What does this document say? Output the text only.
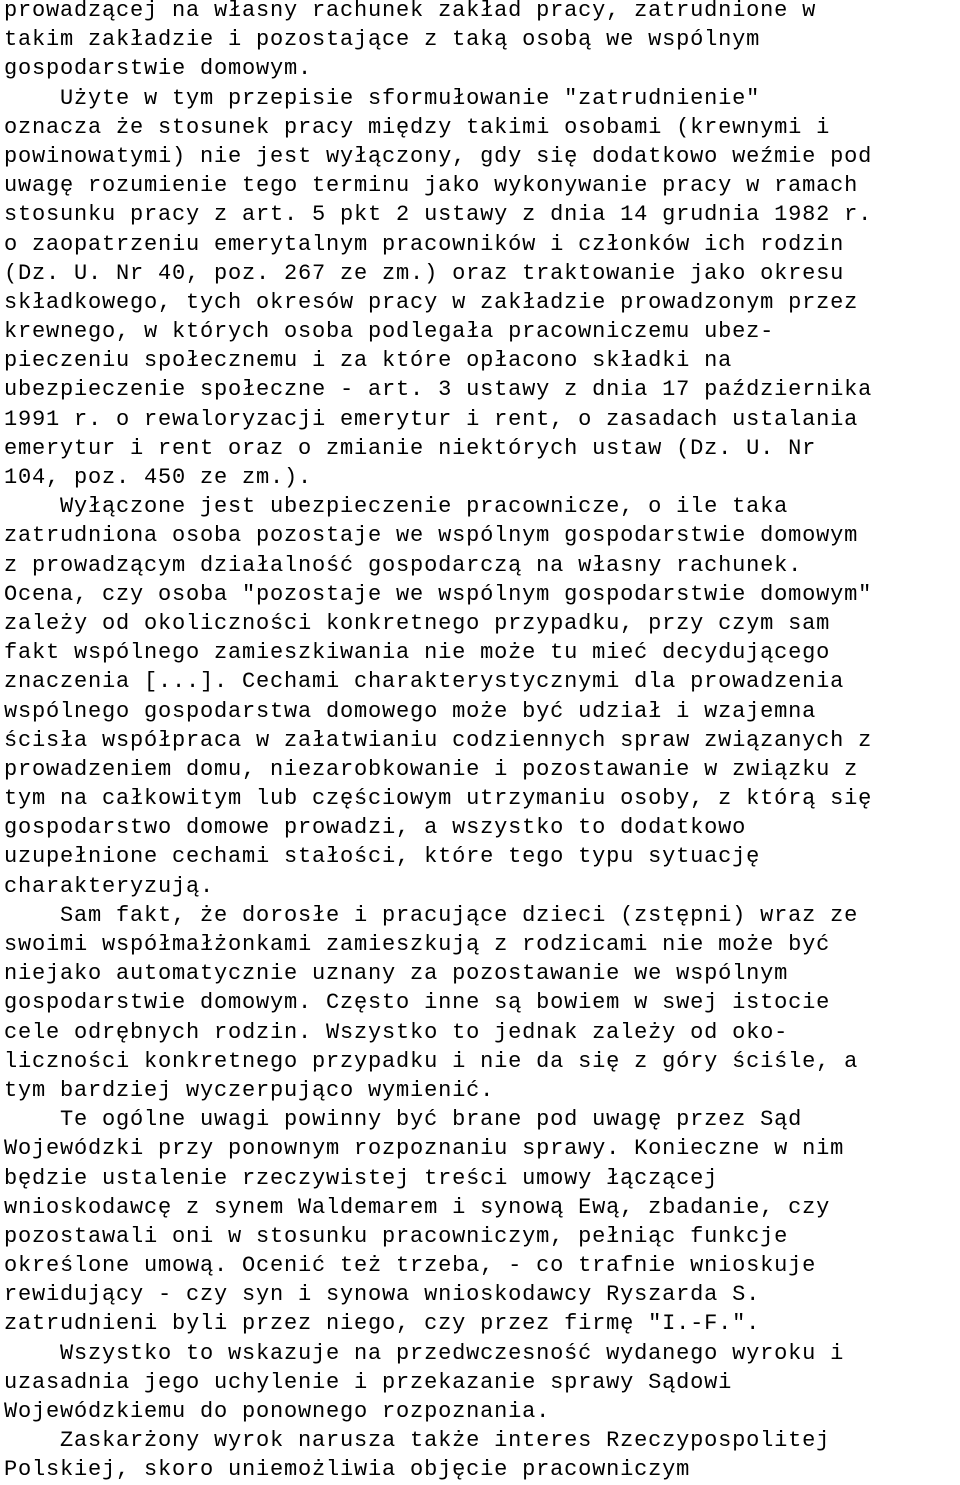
prowadzącej na własny rachunek zakład pracy, zatrudnione w

takim zakładzie i pozostające z taką osobą we wspólnym

gospodarstwie domowym.

Użyte w tym przepisie sformułowanie "zatrudnienie"

oznacza że stosunek pracy między takimi osobami (krewnymi i

powinowatymi) nie jest wyłączony, gdy się dodatkowo weźmie pod

uwagę rozumienie tego terminu jako wykonywanie pracy w ramach

stosunku pracy z art. 5 pkt 2 ustawy z dnia 14 grudnia 1982 r.

o zaopatrzeniu emerytalnym pracowników i członków ich rodzin

(Dz. U. Nr 40, poz. 267 ze zm.) oraz traktowanie jako okresu

składkowego, tych okresów pracy w zakładzie prowadzonym przez

krewnego, w których osoba podlegała pracowniczemu ubez-

pieczeniu społecznemu i za które opłacono składki na

ubezpieczenie społeczne - art. 3 ustawy z dnia 17 października

1991 r. o rewaloryzacji emerytur i rent, o zasadach ustalania

emerytur i rent oraz o zmianie niektórych ustaw (Dz. U. Nr

104, poz. 450 ze zm.).

Wyłączone jest ubezpieczenie pracownicze, o ile taka

zatrudniona osoba pozostaje we wspólnym gospodarstwie domowym

z prowadzącym działalność gospodarczą na własny rachunek.

Ocena, czy osoba "pozostaje we wspólnym gospodarstwie domowym"

zależy od okoliczności konkretnego przypadku, przy czym sam

fakt wspólnego zamieszkiwania nie może tu mieć decydującego

znaczenia [...]. Cechami charakterystycznymi dla prowadzenia

wspólnego gospodarstwa domowego może być udział i wzajemna

ścisła współpraca w załatwianiu codziennych spraw związanych z

prowadzeniem domu, niezarobkowanie i pozostawanie w związku z

tym na całkowitym lub częściowym utrzymaniu osoby, z którą się

gospodarstwo domowe prowadzi, a wszystko to dodatkowo

uzupełnione cechami stałości, które tego typu sytuację

charakteryzują.

Sam fakt, że dorosłe i pracujące dzieci (zstępni) wraz ze

swoimi współmałżonkami zamieszkują z rodzicami nie może być

niejako automatycznie uznany za pozostawanie we wspólnym

gospodarstwie domowym. Często inne są bowiem w swej istocie

cele odrębnych rodzin. Wszystko to jednak zależy od oko-

liczności konkretnego przypadku i nie da się z góry ściśle, a

tym bardziej wyczerpująco wymienić.

Te ogólne uwagi powinny być brane pod uwagę przez Sąd

Wojewódzki przy ponownym rozpoznaniu sprawy. Konieczne w nim

będzie ustalenie rzeczywistej treści umowy łączącej

wnioskodawcę z synem Waldemarem i synową Ewą, zbadanie, czy

pozostawali oni w stosunku pracowniczym, pełniąc funkcje

określone umową. Ocenić też trzeba, - co trafnie wnioskuje

rewidujący - czy syn i synowa wnioskodawcy Ryszarda S.

zatrudnieni byli przez niego, czy przez firmę "I.-F.".

Wszystko to wskazuje na przedwczesność wydanego wyroku i

uzasadnia jego uchylenie i przekazanie sprawy Sądowi

Wojewódzkiemu do ponownego rozpoznania.

Zaskarżony wyrok narusza także interes Rzeczypospolitej

Polskiej, skoro uniemożliwia objęcie pracowniczym
